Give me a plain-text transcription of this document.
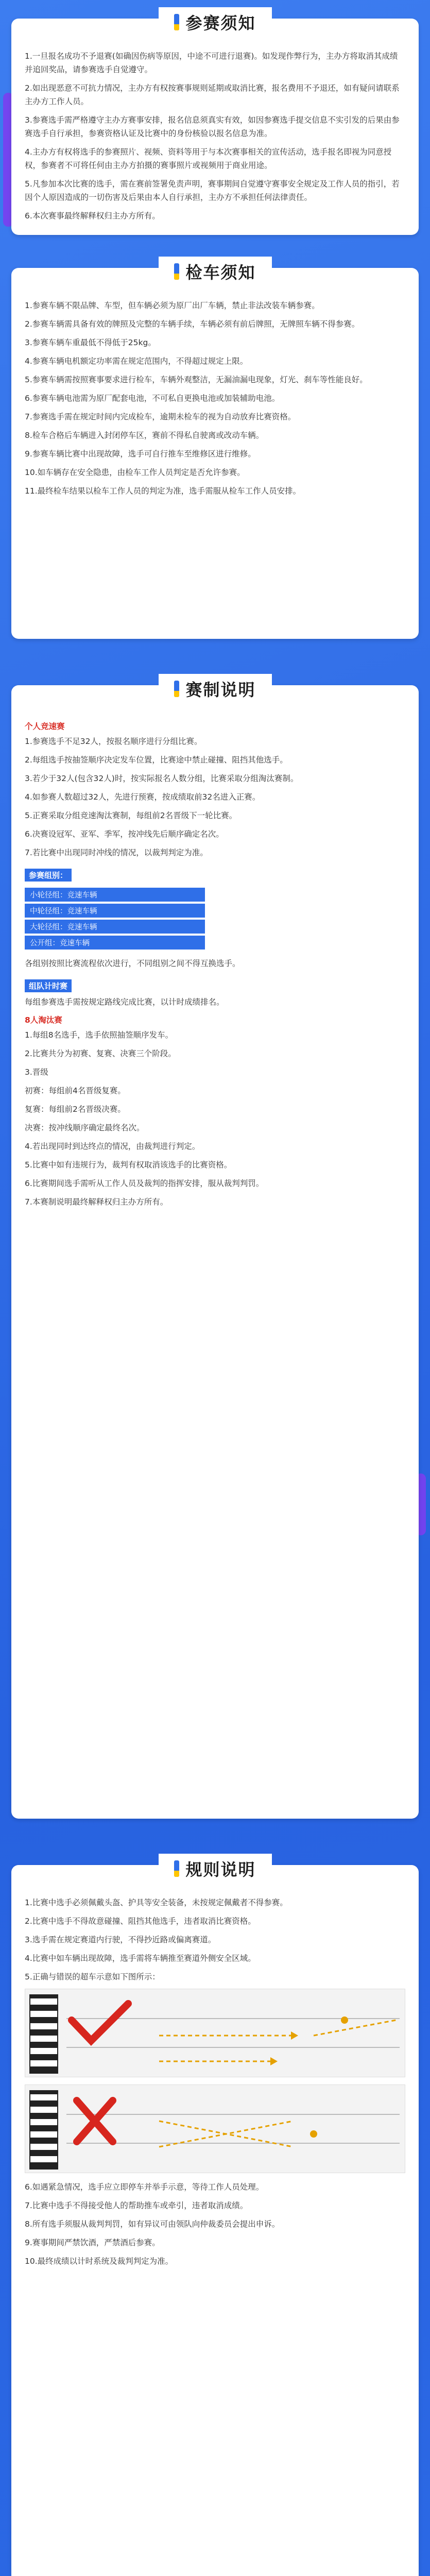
参赛须知

1.一旦报名成功不予退赛(如确因伤病等原因，中途不可进行退赛)。如发现作弊行为，主办方将取消其成绩并追回奖品，请参赛选手自觉遵守。

2.如出现恶意不可抗力情况，主办方有权按赛事规则延期或取消比赛，报名费用不予退还，如有疑问请联系主办方工作人员。

3.参赛选手需严格遵守主办方赛事安排，报名信息须真实有效，如因参赛选手提交信息不实引发的后果由参赛选手自行承担，参赛资格认证及比赛中的身份核验以报名信息为准。

4.主办方有权将选手的参赛照片、视频、资料等用于与本次赛事相关的宣传活动，选手报名即视为同意授权，参赛者不可将任何由主办方拍摄的赛事照片或视频用于商业用途。

5.凡参加本次比赛的选手，需在赛前签署免责声明，赛事期间自觉遵守赛事安全规定及工作人员的指引，若因个人原因造成的一切伤害及后果由本人自行承担，主办方不承担任何法律责任。

6.本次赛事最终解释权归主办方所有。

检车须知

1.参赛车辆不限品牌、车型，但车辆必须为原厂出厂车辆，禁止非法改装车辆参赛。

2.参赛车辆需具备有效的牌照及完整的车辆手续，车辆必须有前后牌照，无牌照车辆不得参赛。

3.参赛车辆车重最低不得低于25kg。

4.参赛车辆电机额定功率需在规定范围内，不得超过规定上限。

5.参赛车辆需按照赛事要求进行检车，车辆外观整洁，无漏油漏电现象，灯光、刹车等性能良好。

6.参赛车辆电池需为原厂配套电池，不可私自更换电池或加装辅助电池。

7.参赛选手需在规定时间内完成检车，逾期未检车的视为自动放弃比赛资格。

8.检车合格后车辆进入封闭停车区，赛前不得私自驶离或改动车辆。

9.参赛车辆比赛中出现故障，选手可自行推车至维修区进行维修。

10.如车辆存在安全隐患，由检车工作人员判定是否允许参赛。

11.最终检车结果以检车工作人员的判定为准，选手需服从检车工作人员安排。

赛制说明
个人竞速赛

1.参赛选手不足32人，按报名顺序进行分组比赛。

2.每组选手按抽签顺序决定发车位置，比赛途中禁止碰撞、阻挡其他选手。

3.若少于32人(包含32人)时，按实际报名人数分组，比赛采取分组淘汰赛制。

4.如参赛人数超过32人，先进行预赛，按成绩取前32名进入正赛。

5.正赛采取分组竞速淘汰赛制，每组前2名晋级下一轮比赛。

6.决赛设冠军、亚军、季军，按冲线先后顺序确定名次。

7.若比赛中出现同时冲线的情况，以裁判判定为准。

参赛组别：
小轮径组：竞速车辆
中轮径组：竞速车辆
大轮径组：竞速车辆
公开组：竞速车辆

各组别按照比赛流程依次进行，不同组别之间不得互换选手。

组队计时赛

每组参赛选手需按规定路线完成比赛，以计时成绩排名。

8人淘汰赛

1.每组8名选手，选手依照抽签顺序发车。

2.比赛共分为初赛、复赛、决赛三个阶段。

3.晋级

初赛：每组前4名晋级复赛。

复赛：每组前2名晋级决赛。

决赛：按冲线顺序确定最终名次。

4.若出现同时到达终点的情况，由裁判进行判定。

5.比赛中如有违规行为，裁判有权取消该选手的比赛资格。

6.比赛期间选手需听从工作人员及裁判的指挥安排，服从裁判判罚。

7.本赛制说明最终解释权归主办方所有。

规则说明

1.比赛中选手必须佩戴头盔、护具等安全装备，未按规定佩戴者不得参赛。

2.比赛中选手不得故意碰撞、阻挡其他选手，违者取消比赛资格。

3.选手需在规定赛道内行驶，不得抄近路或偏离赛道。

4.比赛中如车辆出现故障，选手需将车辆推至赛道外侧安全区域。

5.正确与错误的超车示意如下图所示：

6.如遇紧急情况，选手应立即停车并举手示意，等待工作人员处理。

7.比赛中选手不得接受他人的帮助推车或牵引，违者取消成绩。

8.所有选手须服从裁判判罚，如有异议可由领队向仲裁委员会提出申诉。

9.赛事期间严禁饮酒，严禁酒后参赛。

10.最终成绩以计时系统及裁判判定为准。
